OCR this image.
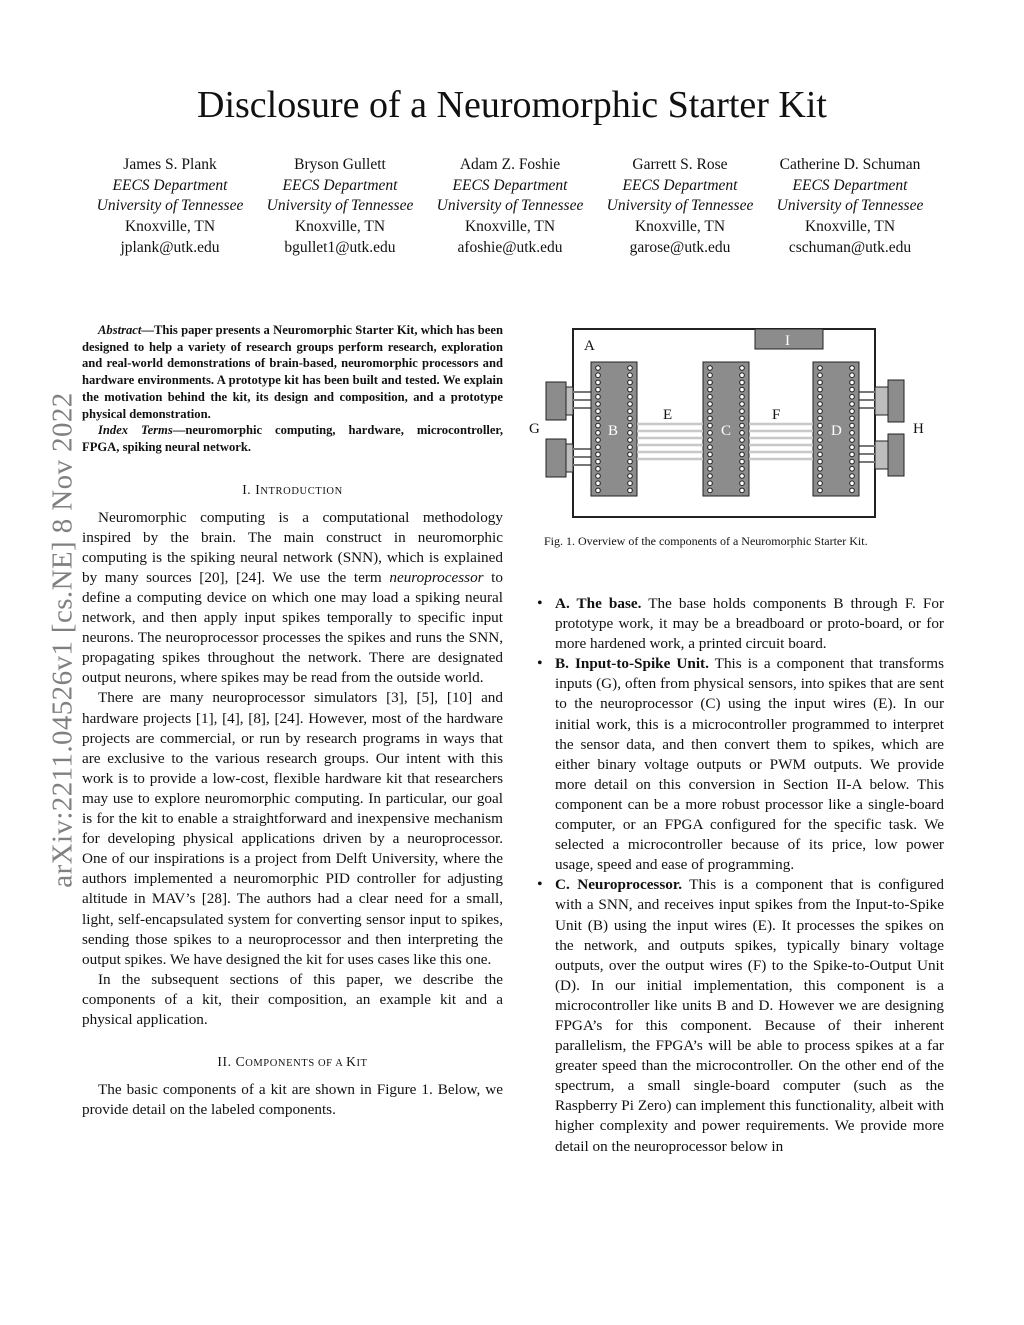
Disclosure of a Neuromorphic Starter Kit
James S. Plank
EECS Department
University of Tennessee
Knoxville, TN
jplank@utk.edu
Bryson Gullett
EECS Department
University of Tennessee
Knoxville, TN
bgullet1@utk.edu
Adam Z. Foshie
EECS Department
University of Tennessee
Knoxville, TN
afoshie@utk.edu
Garrett S. Rose
EECS Department
University of Tennessee
Knoxville, TN
garose@utk.edu
Catherine D. Schuman
EECS Department
University of Tennessee
Knoxville, TN
cschuman@utk.edu
arXiv:2211.04526v1 [cs.NE] 8 Nov 2022

Abstract—This paper presents a Neuromorphic Starter Kit, which has been designed to help a variety of research groups perform research, exploration and real-world demonstrations of brain-based, neuromorphic processors and hardware environments. A prototype kit has been built and tested. We explain the motivation behind the kit, its design and composition, and a prototype physical demonstration.

Index Terms—neuromorphic computing, hardware, microcontroller, FPGA, spiking neural network.

I. INTRODUCTION

Neuromorphic computing is a computational methodology inspired by the brain. The main construct in neuromorphic computing is the spiking neural network (SNN), which is explained by many sources [20], [24]. We use the term neuroprocessor to define a computing device on which one may load a spiking neural network, and then apply input spikes temporally to specific input neurons. The neuroprocessor processes the spikes and runs the SNN, propagating spikes throughout the network. There are designated output neurons, where spikes may be read from the outside world.

There are many neuroprocessor simulators [3], [5], [10] and hardware projects [1], [4], [8], [24]. However, most of the hardware projects are commercial, or run by research programs in ways that are exclusive to the various research groups. Our intent with this work is to provide a low-cost, flexible hardware kit that researchers may use to explore neuromorphic computing. In particular, our goal is for the kit to enable a straightforward and inexpensive mechanism for developing physical applications driven by a neuroprocessor. One of our inspirations is a project from Delft University, where the authors implemented a neuromorphic PID controller for adjusting altitude in MAV’s [28]. The authors had a clear need for a small, light, self-encapsulated system for converting sensor input to spikes, sending those spikes to a neuroprocessor and then interpreting the output spikes. We have designed the kit for uses cases like this one.

In the subsequent sections of this paper, we describe the components of a kit, their composition, an example kit and a physical application.

II. COMPONENTS OF A KIT

The basic components of a kit are shown in Figure 1. Below, we provide detail on the labeled components.

A
B	C	D
E	F
G	H
I
Fig. 1. Overview of the components of a Neuromorphic Starter Kit.
• A. The base. The base holds components B through F. For prototype work, it may be a breadboard or proto-board, or for more hardened work, a printed circuit board.
• B. Input-to-Spike Unit. This is a component that transforms inputs (G), often from physical sensors, into spikes that are sent to the neuroprocessor (C) using the input wires (E). In our initial work, this is a microcontroller programmed to interpret the sensor data, and then convert them to spikes, which are either binary voltage outputs or PWM outputs. We provide more detail on this conversion in Section II-A below. This component can be a more robust processor like a single-board computer, or an FPGA configured for the specific task. We selected a microcontroller because of its price, low power usage, speed and ease of programming.
• C. Neuroprocessor. This is a component that is configured with a SNN, and receives input spikes from the Input-to-Spike Unit (B) using the input wires (E). It processes the spikes on the network, and outputs spikes, typically binary voltage outputs, over the output wires (F) to the Spike-to-Output Unit (D). In our initial implementation, this component is a microcontroller like units B and D. However we are designing FPGA’s for this component. Because of their inherent parallelism, the FPGA’s will be able to process spikes at a far greater speed than the microcontroller. On the other end of the spectrum, a small single-board computer (such as the Raspberry Pi Zero) can implement this functionality, albeit with higher complexity and power requirements. We provide more detail on the neuroprocessor below in
